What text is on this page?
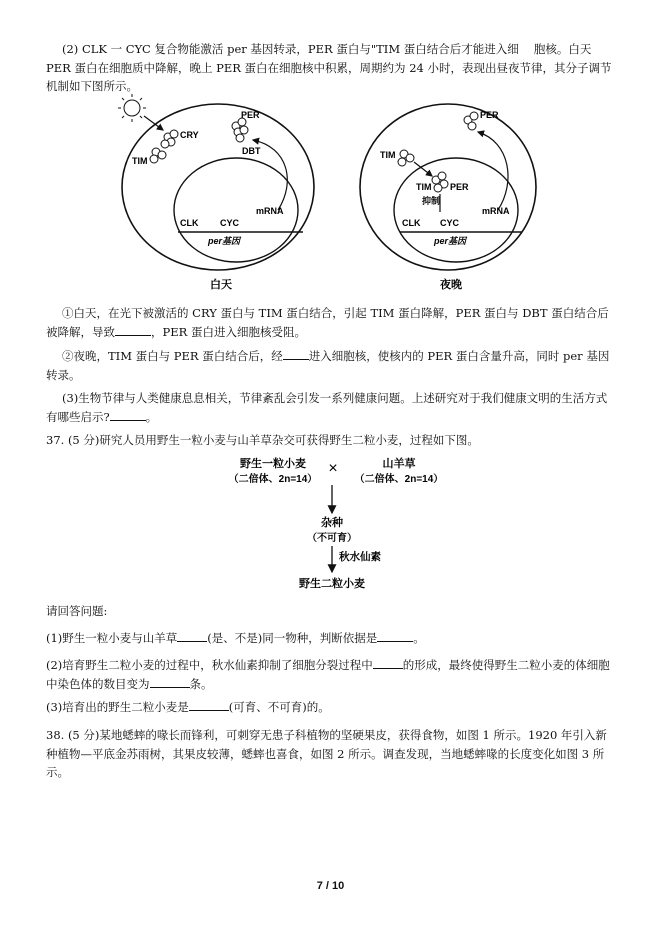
(2) CLK 一 CYC 复合物能激活 per 基因转录，PER 蛋白与"TIM 蛋白结合后才能进入细　 胞核。白天 PER 蛋白在细胞质中降解，晚上 PER 蛋白在细胞核中积累，周期约为 24 小时，表现出昼夜节律，其分子调节机制如下图所示。

CRY
TIM
PER
DBT
CLK CYC
mRNA
per基因
白天
TIM
PER
TIM PER
抑制
CLK CYC
mRNA
per基因
夜晚

①白天，在光下被激活的 CRY 蛋白与 TIM 蛋白结合，引起 TIM 蛋白降解，PER 蛋白与 DBT 蛋白结合后被降解，导致	，PER 蛋白进入细胞核受阻。

②夜晚，TIM 蛋白与 PER 蛋白结合后，经 进入细胞核，使核内的 PER 蛋白含量升高，同时 per 基因转录。

(3)生物节律与人类健康息息相关，节律紊乱会引发一系列健康问题。上述研究对于我们健康文明的生活方式有哪些启示?	。

37. (5 分)研究人员用野生一粒小麦与山羊草杂交可获得野生二粒小麦，过程如下图。

野生一粒小麦
（二倍体、2n=14）
×	山羊草
（二倍体、2n=14）
杂种
（不可育）
秋水仙素
野生二粒小麦

请回答问题:

(1)野生一粒小麦与山羊草	(是、不是)同一物种，判断依据是	。

(2)培育野生二粒小麦的过程中，秋水仙素抑制了细胞分裂过程中	的形成，最终使得野生二粒小麦的体细胞中染色体的数目变为	条。

(3)培育出的野生二粒小麦是	(可育、不可育)的。

38. (5 分)某地蟋蟀的喙长而锋利，可刺穿无患子科植物的坚硬果皮，获得食物，如图 1 所示。1920 年引入新种植物—平底金苏雨树，其果皮较薄，蟋蟀也喜食，如图 2 所示。调查发现，当地蟋蟀喙的长度变化如图 3 所示。

7 / 10
